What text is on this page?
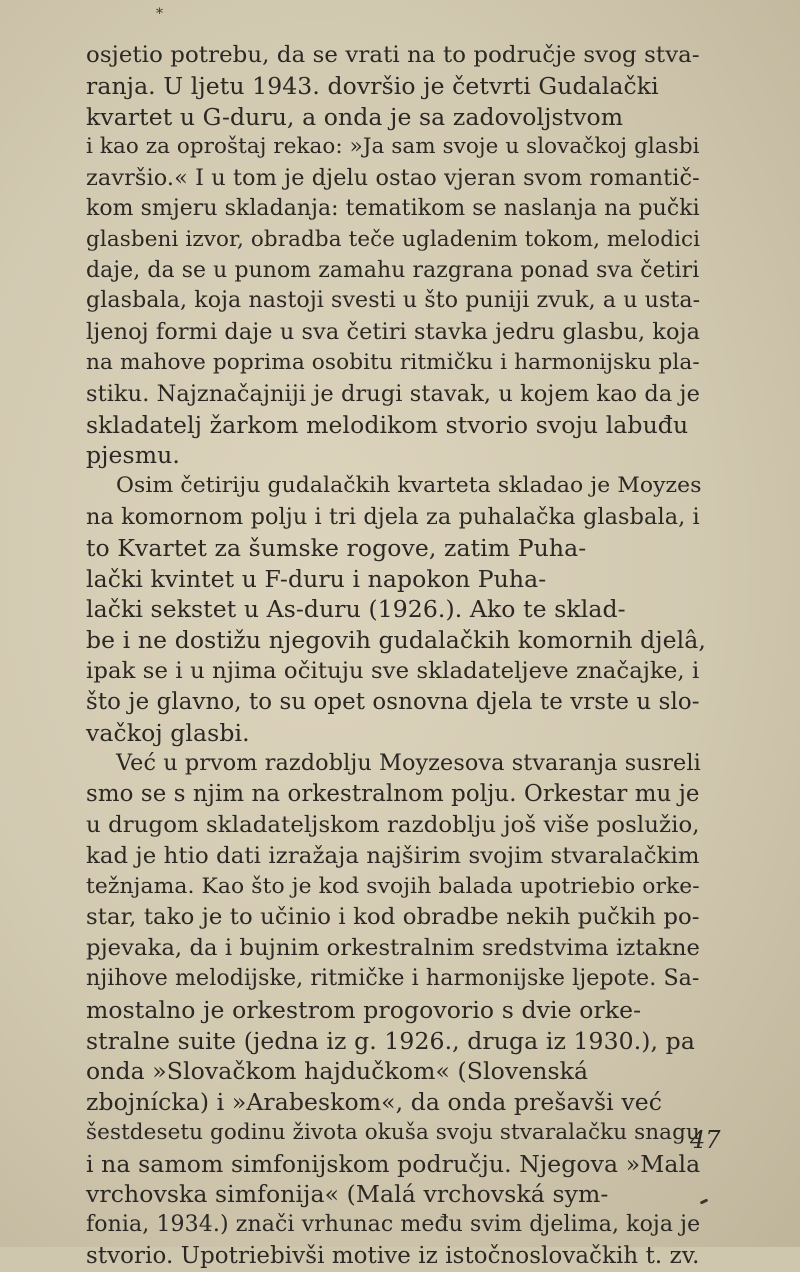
*
osjetio potrebu, da se vrati na to područje svog stva-
ranja. U ljetu 1943. dovršio je četvrti Gudalački
kvartet u G-duru, a onda je sa zadovoljstvom
i kao za oproštaj rekao: »Ja sam svoje u slovačkoj glasbi
završio.« I u tom je djelu ostao vjeran svom romantič-
kom smjeru skladanja: tematikom se naslanja na pučki
glasbeni izvor, obradba teče ugladenim tokom, melodici
daje, da se u punom zamahu razgrana ponad sva četiri
glasbala, koja nastoji svesti u što puniji zvuk, a u usta-
ljenoj formi daje u sva četiri stavka jedru glasbu, koja
na mahove poprima osobitu ritmičku i harmonijsku pla-
stiku. Najznačajniji je drugi stavak, u kojem kao da je
skladatelj žarkom melodikom stvorio svoju labuđu
pjesmu.
Osim četiriju gudalačkih kvarteta skladao je Moyzes
na komornom polju i tri djela za puhalačka glasbala, i
to Kvartet za šumske rogove, zatim Puha-
lački kvintet u F-duru i napokon Puha-
lački sekstet u As-duru (1926.). Ako te sklad-
be i ne dostižu njegovih gudalačkih komornih djelâ,
ipak se i u njima očituju sve skladateljeve značajke, i
što je glavno, to su opet osnovna djela te vrste u slo-
vačkoj glasbi.
Već u prvom razdoblju Moyzesova stvaranja susreli
smo se s njim na orkestralnom polju. Orkestar mu je
u drugom skladateljskom razdoblju još više poslužio,
kad je htio dati izražaja najširim svojim stvaralačkim
težnjama. Kao što je kod svojih balada upotriebio orke-
star, tako je to učinio i kod obradbe nekih pučkih po-
pjevaka, da i bujnim orkestralnim sredstvima iztakne
njihove melodijske, ritmičke i harmonijske ljepote. Sa-
mostalno je orkestrom progovorio s dvie orke-
stralne suite (jedna iz g. 1926., druga iz 1930.), pa
onda »Slovačkom hajdučkom« (Slovenská
zbojnícka) i »Arabeskom«, da onda prešavši već
šestdesetu godinu života okuša svoju stvaralačku snagu
i na samom simfonijskom području. Njegova »Mala
vrchovska simfonija« (Malá vrchovská sym-
fonia, 1934.) znači vrhunac među svim djelima, koja je
stvorio. Upotriebivši motive iz istočnoslovačkih t. zv.
47
